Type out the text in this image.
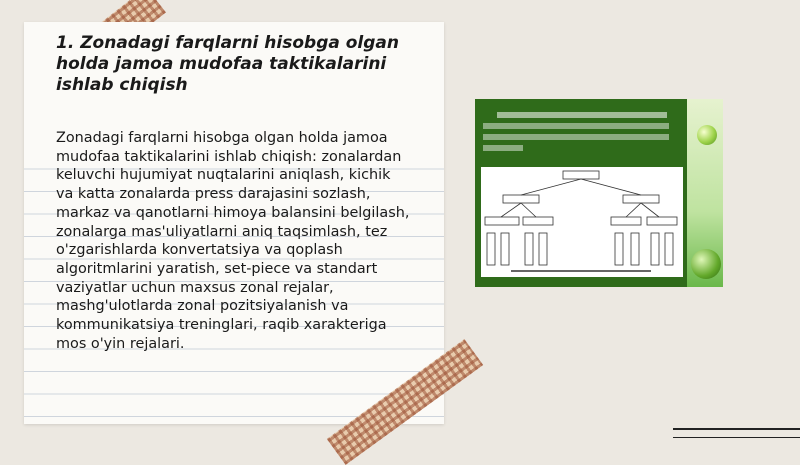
1. Zonadagi farqlarni hisobga olgan holda jamoa mudofaa taktikalarini ishlab chiqish

Zonadagi farqlarni hisobga olgan holda jamoa mudofaa taktikalarini ishlab chiqish: zonalardan keluvchi hujumiyat nuqtalarini aniqlash, kichik va katta zonalarda press darajasini sozlash, markaz va qanotlarni himoya balansini belgilash, zonalarga mas'uliyatlarni aniq taqsimlash, tez o'zgarishlarda konvertatsiya va qoplash algoritmlarini yaratish, set-piece va standart vaziyatlar uchun maxsus zonal rejalar, mashg'ulotlarda zonal pozitsiyalanish va kommunikatsiya treninglari, raqib xarakteriga mos o'yin rejalari.
